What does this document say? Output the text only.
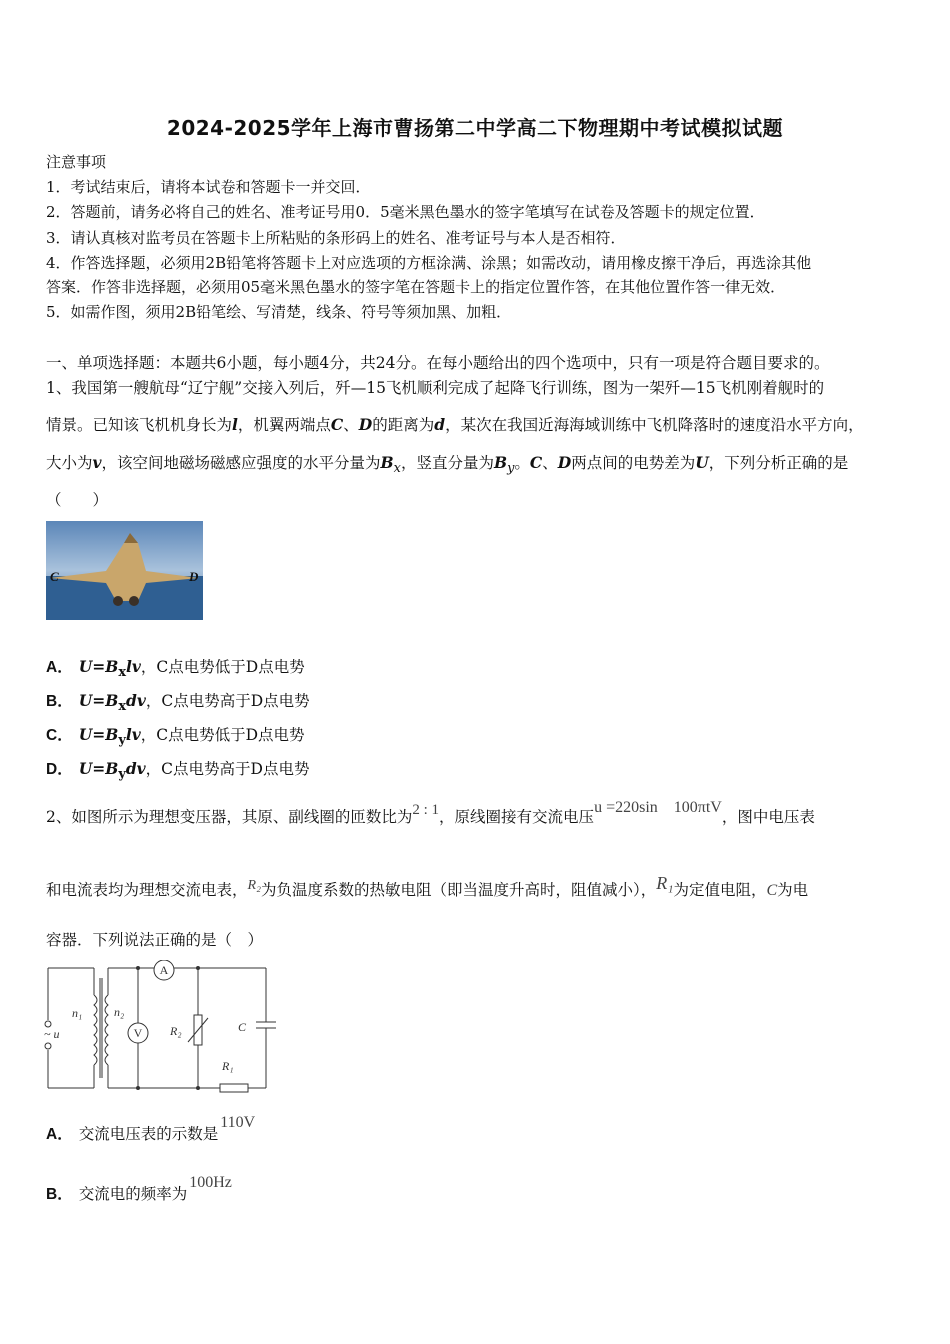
2024-2025学年上海市曹扬第二中学高二下物理期中考试模拟试题
注意事项
1．考试结束后，请将本试卷和答题卡一并交回．
2．答题前，请务必将自己的姓名、准考证号用0．5毫米黑色墨水的签字笔填写在试卷及答题卡的规定位置．
3．请认真核对监考员在答题卡上所粘贴的条形码上的姓名、准考证号与本人是否相符．
4．作答选择题，必须用2B铅笔将答题卡上对应选项的方框涂满、涂黑；如需改动，请用橡皮擦干净后，再选涂其他
答案．作答非选择题，必须用05毫米黑色墨水的签字笔在答题卡上的指定位置作答，在其他位置作答一律无效．
5．如需作图，须用2B铅笔绘、写清楚，线条、符号等须加黑、加粗．
一、单项选择题：本题共6小题，每小题4分，共24分。在每小题给出的四个选项中，只有一项是符合题目要求的。
1、我国第一艘航母“辽宁舰”交接入列后，歼—15飞机顺利完成了起降飞行训练，图为一架歼—15飞机刚着舰时的
情景。已知该飞机机身长为l，机翼两端点C、D的距离为d，某次在我国近海海域训练中飞机降落时的速度沿水平方向，
大小为v，该空间地磁场磁感应强度的水平分量为$B_x$，竖直分量为$B_y$。C、D两点间的电势差为U，下列分析正确的是
（　　）
C	D
A． $U=B_xlv$，C点电势低于D点电势
B． $U=B_xdv$，C点电势高于D点电势
C． $U=B_ylv$，C点电势低于D点电势
D． $U=B_ydv$，C点电势高于D点电势
2、如图所示为理想变压器，其原、副线圈的匝数比为2 : 1，原线圈接有交流电压u =220sin　100πtV，图中电压表
和电流表均为理想交流电表，R₂为负温度系数的热敏电阻（即当温度升高时，阻值减小），R₁为定值电阻，C为电
容器．下列说法正确的是（　）
A
V
n₁	n₂
~ u	R₂
R₁
C
A． 交流电压表的示数是110V
B． 交流电的频率为100Hz
